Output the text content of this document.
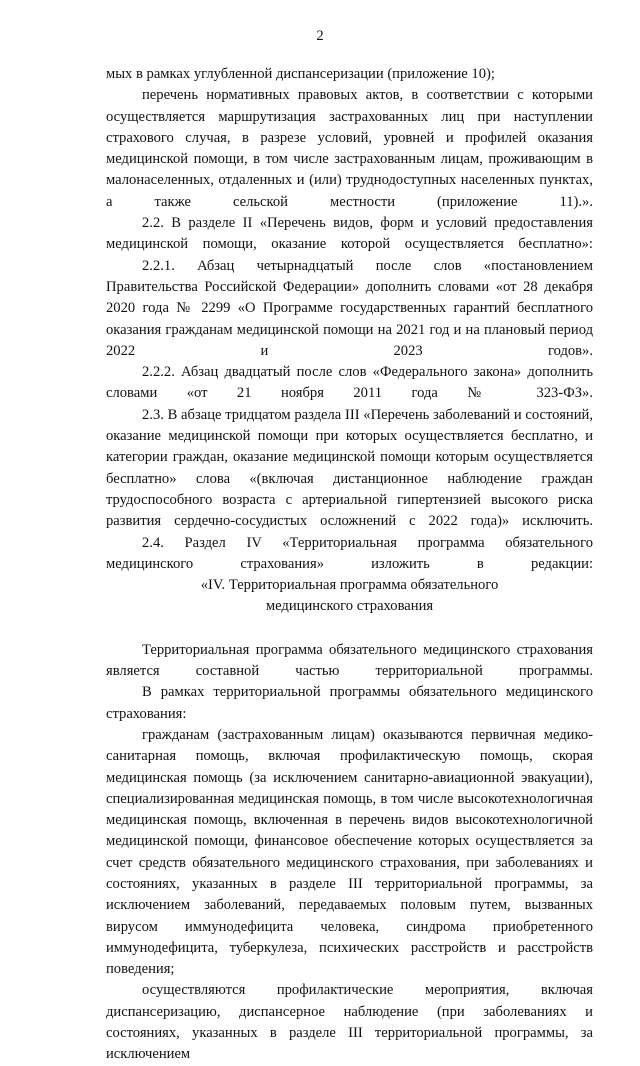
2

мых в рамках углубленной диспансеризации (приложение 10);

перечень нормативных правовых актов, в соответствии с которыми осуществляется маршрутизация застрахованных лиц при наступлении страхового случая, в разрезе условий, уровней и профилей оказания медицинской помощи, в том числе застрахованным лицам, проживающим в малонаселенных, отдаленных и (или) труднодоступных населенных пунктах, а также сельской местности (приложение 11).».

2.2. В разделе II «Перечень видов, форм и условий предоставления медицинской помощи, оказание которой осуществляется бесплатно»:

2.2.1. Абзац четырнадцатый после слов «постановлением Правительства Российской Федерации» дополнить словами «от 28 декабря 2020 года № 2299 «О Программе государственных гарантий бесплатного оказания гражданам медицинской помощи на 2021 год и на плановый период 2022 и 2023 годов».

2.2.2. Абзац двадцатый после слов «Федерального закона» дополнить словами «от 21 ноября 2011 года № 323-ФЗ».

2.3. В абзаце тридцатом раздела III «Перечень заболеваний и состояний, оказание медицинской помощи при которых осуществляется бесплатно, и категории граждан, оказание медицинской помощи которым осуществляется бесплатно» слова «(включая дистанционное наблюдение граждан трудоспособного возраста с артериальной гипертензией высокого риска развития сердечно-сосудистых осложнений с 2022 года)» исключить.

2.4. Раздел IV «Территориальная программа обязательного медицинского страхования» изложить в редакции:

«IV. Территориальная программа обязательного
медицинского страхования

Территориальная программа обязательного медицинского страхования является составной частью территориальной программы.

В рамках территориальной программы обязательного медицинского страхования:

гражданам (застрахованным лицам) оказываются первичная медико-санитарная помощь, включая профилактическую помощь, скорая медицинская помощь (за исключением санитарно-авиационной эвакуации), специализированная медицинская помощь, в том числе высокотехнологичная медицинская помощь, включенная в перечень видов высокотехнологичной медицинской помощи, финансовое обеспечение которых осуществляется за счет средств обязательного медицинского страхования, при заболеваниях и состояниях, указанных в разделе III территориальной программы, за исключением заболеваний, передаваемых половым путем, вызванных вирусом иммунодефицита человека, синдрома приобретенного иммунодефицита, туберкулеза, психических расстройств и расстройств поведения;

осуществляются профилактические мероприятия, включая диспансеризацию, диспансерное наблюдение (при заболеваниях и состояниях, указанных в разделе III территориальной программы, за исключением
